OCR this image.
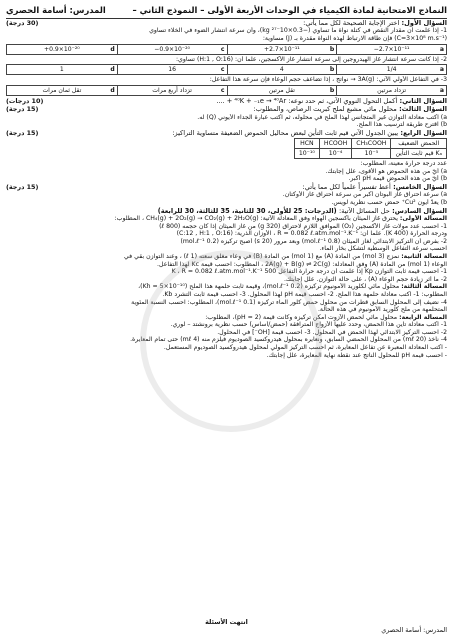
النماذج الامتحانية لمادة الكيمياء في الوحدات الأربعة الأولى – النموذج الثاني –
المدرس: أسامة الحصري
السؤال الأول: اختر الإجابة الصحيحة لكل مما يأتي:
(30 درجة)
1- إذا علمت أن مقدار النقص في كتلة نواة ما تساوي (−0.3×10⁻²⁷ kg)، وأن سرعة انتشار الضوء في الخلاء تساوي
(C=3×10⁸ m.s⁻¹) فإن طاقة الارتباط لهذه النواة مقدرة بـ (J) مساوية:
a
−2.7×10⁻¹¹
b
+2.7×10⁻¹¹
c
−0.9×10⁻²⁰
d
+0.9×10⁻²⁰
2- إذا كانت سرعة انتشار غاز الهيدروجين إلى سرعة انتشار غاز الأكسجين، علماً أن: (H:1 , O:16) تساوي:
a
1/4
b
4
c
16
d
1
3- في التفاعل الأولي الآتي: 3A(g) → نواتج ، إذا تضاعف حجم الوعاء فإن سرعة هذا التفاعل:
a
تزداد مرتين
b
تقل مرتين
c
تزداد أربع مرات
d
تقل ثمان مرات
السؤال الثاني: أكمل التحول النووي الآتي، ثم حدد نوعه: ⁴⁰K + ₋₁e → ⁴⁰Ar + ....
(10 درجات)
السؤال الثالث: محلول مائي مشبع لملح كبريت الرصاص، والمطلوب:
(15 درجة)
a) اكتب معادلة التوازن غير المتجانس لهذا الملح في محلوله، ثم اكتب عبارة الجداء الأيوني (Q) له.
b) اقترح طريقة لترسيب هذا الملح.
السؤال الرابع: يبين الجدول الآتي قيم ثابت التأين لبعض محاليل الحموض الضعيفة متساوية التراكيز:
(15 درجة)
HCN	HCOOH	CH₃COOH	الحمض الضعيف
10⁻¹⁰	10⁻⁴	10⁻⁵	قيم ثابت التأين Kₐ
عدد درجة حرارة معينة، المطلوب:
a) أيّ من هذه الحموض هو الأقوى، علل إجابتك.
b) أيّ من هذه الحموض قيمة pH أكبر.
السؤال الخامس: أعط تفسيراً علمياً لكل مما يأتي:
(15 درجة)
a) سرعة احتراق غاز البوتان أكبر من سرعة احتراق غاز الأوكتان.
b) يعدّ أيون Cu²⁺ حمض حسب نظرية لويس.
السؤال السادس: حل المسائل الآتية: (الدرجات: 25 للأولى، 30 للثانية، 35 للثالثة، 30 للرابعة)
المسألة الأولى: يحترق غاز الميثان بأكسجين الهواء وفق المعادلة الآتية: CH₄(g) + 2O₂(g) → CO₂(g) + 2H₂O(g) ، المطلوب:
1- احسب عدد مولات غاز الأكسجين (O₂) الموافق اللازم لاحتراق (320 g) من غاز الميثان إذا كان حجمه (800 ℓ)
ودرجة الحرارة (400 K). علماً أن: R = 0.082 ℓ.atm.mol⁻¹.K⁻¹ ، الأوزان الذرية: (C:12 , H:1 , O:16)
2- بفرض أن التركيز الابتدائي لغاز الميثان (0.8 mol.ℓ⁻¹) وبعد مرور (20 s) أصبح تركيزه (0.2 mol.ℓ⁻¹)
احسب سرعة التفاعل الوسطية لتشكل بخار الماء.
المسألة الثانية: نمزج (3 mol) من المادة (A) مع (1 mol) من المادة (B) في وعاء مغلق سعته (1 ℓ) ، وعند التوازن بقي في
الوعاء (1 mol) من المادة (A) وفق المعادلة: 2A(g) + B(g) ⇌ 2C(g) ، المطلوب: احسب قيمة Kc لهذا التفاعل.
1- احسب قيمة ثابت التوازن Kp إذا علمت أن درجة حرارة التفاعل 500 K ، R = 0.082 ℓ.atm.mol⁻¹.K⁻¹
2- ما أثر زيادة حجم الوعاء (A) ، على حالة التوازن. علل إجابتك.
المسألة الثالثة: محلول مائي لكلوريد الأمونيوم تركيزه (0.2 mol.ℓ⁻¹)، وقيمة ثابت حلمهة هذا الملح (Kh = 5×10⁻¹⁰)،
المطلوب: 1- اكتب معادلة حلمهة هذا الملح. 2- احسب قيمة pH لهذا المحلول. 3- احسب قيمة ثابت التشرد Kb.
4- نضيف إلى المحلول السابق قطرات من محلول حمض كلور الماء تركيزه (0.1 mol.ℓ⁻¹)، المطلوب: احسب النسبة المئوية
المتحلمهة من ملح كلوريد الأمونيوم في هذه الحالة.
المسألة الرابعة: محلول مائي لحمض الآزوت أمكن تركيزه وكانت قيمة (pH = 2)، المطلوب:
1- اكتب معادلة تأين هذا الحمض، وحدد عليها الأزواج المترافقة (حمض/أساس) حسب نظرية برونشتد – لوري.
2- احسب التركيز الابتدائي لهذا الحمض في المحلول. 3- احسب قيمة [OH⁻] في المحلول.
4- نأخذ (20 mℓ) من المحلول الحمضي السابق، ونعايره بمحلول هيدروكسيد الصوديوم فيلزم منه (4 mℓ) حتى تمام المعايرة.
- اكتب المعادلة المعبرة عن تفاعل المعايرة، ثم احسب التركيز المولي لمحلول هيدروكسيد الصوديوم المستعمل.
- احسب قيمة pH للمحلول الناتج عند نقطة نهاية المعايرة، علل إجابتك.
انتهت الأسئلة
المدرس: أسامة الحصري
